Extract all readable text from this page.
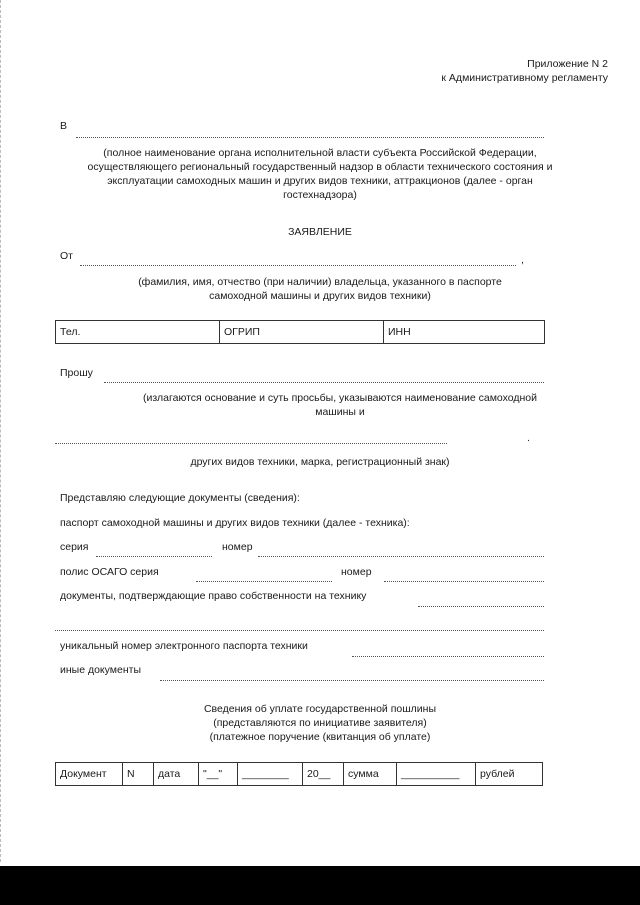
Приложение N 2
к Административному регламенту
В
(полное наименование органа исполнительной власти субъекта Российской Федерации,
осуществляющего региональный государственный надзор в области технического состояния и
эксплуатации самоходных машин и других видов техники, аттракционов (далее - орган
гостехнадзора)
ЗАЯВЛЕНИЕ
От	,
(фамилия, имя, отчество (при наличии) владельца, указанного в паспорте
самоходной машины и других видов техники)
Тел.	ОГРИП	ИНН
Прошу
(излагаются основание и суть просьбы, указываются наименование самоходной
машины и
.
других видов техники, марка, регистрационный знак)
Представляю следующие документы (сведения):
паспорт самоходной машины и других видов техники (далее - техника):
серия	номер
полис ОСАГО серия	номер
документы, подтверждающие право собственности на технику
уникальный номер электронного паспорта техники
иные документы
Сведения об уплате государственной пошлины
(представляются по инициативе заявителя)
(платежное поручение (квитанция об уплате)
Документ	N	дата	"__"	________	20__	сумма	__________	рублей
